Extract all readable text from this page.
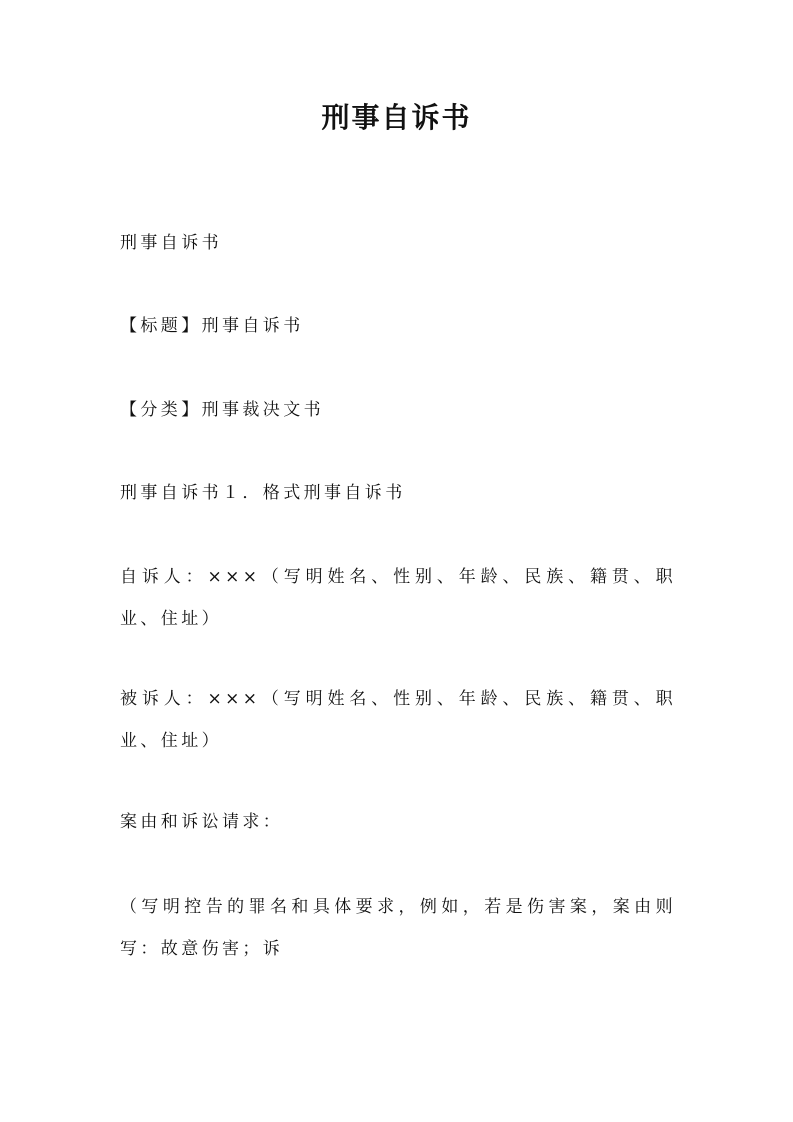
刑事自诉书
刑事自诉书
【标题】刑事自诉书
【分类】刑事裁决文书
刑事自诉书１．格式刑事自诉书
自诉人：×××（写明姓名、性别、年龄、民族、籍贯、职业、住址）
被诉人：×××（写明姓名、性别、年龄、民族、籍贯、职业、住址）
案由和诉讼请求：
（写明控告的罪名和具体要求，例如，若是伤害案，案由则写：故意伤害；诉
